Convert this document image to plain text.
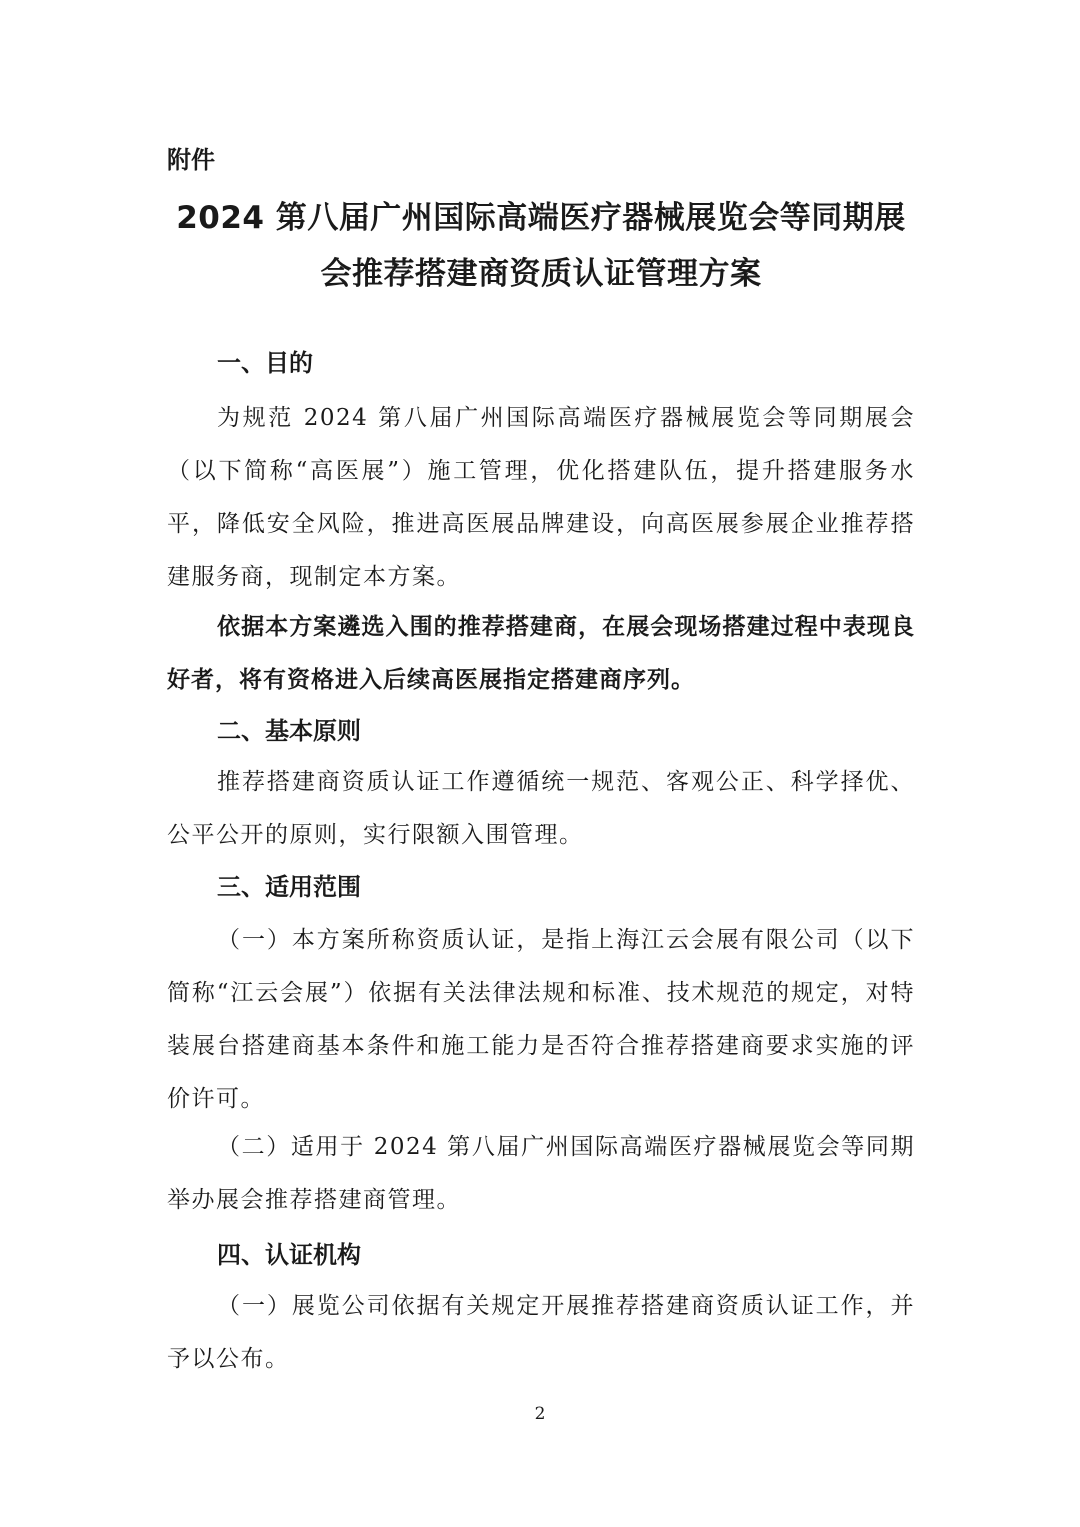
附件
2024 第八届广州国际高端医疗器械展览会等同期展
会推荐搭建商资质认证管理方案
一、目的

为规范 2024 第八届广州国际高端医疗器械展览会等同期展会（以下简称“高医展”）施工管理，优化搭建队伍，提升搭建服务水平，降低安全风险，推进高医展品牌建设，向高医展参展企业推荐搭建服务商，现制定本方案。

依据本方案遴选入围的推荐搭建商，在展会现场搭建过程中表现良好者，将有资格进入后续高医展指定搭建商序列。

二、基本原则

推荐搭建商资质认证工作遵循统一规范、客观公正、科学择优、公平公开的原则，实行限额入围管理。

三、适用范围

（一）本方案所称资质认证，是指上海江云会展有限公司（以下简称“江云会展”）依据有关法律法规和标准、技术规范的规定，对特装展台搭建商基本条件和施工能力是否符合推荐搭建商要求实施的评价许可。

（二）适用于 2024 第八届广州国际高端医疗器械展览会等同期举办展会推荐搭建商管理。

四、认证机构

（一）展览公司依据有关规定开展推荐搭建商资质认证工作，并予以公布。

2
